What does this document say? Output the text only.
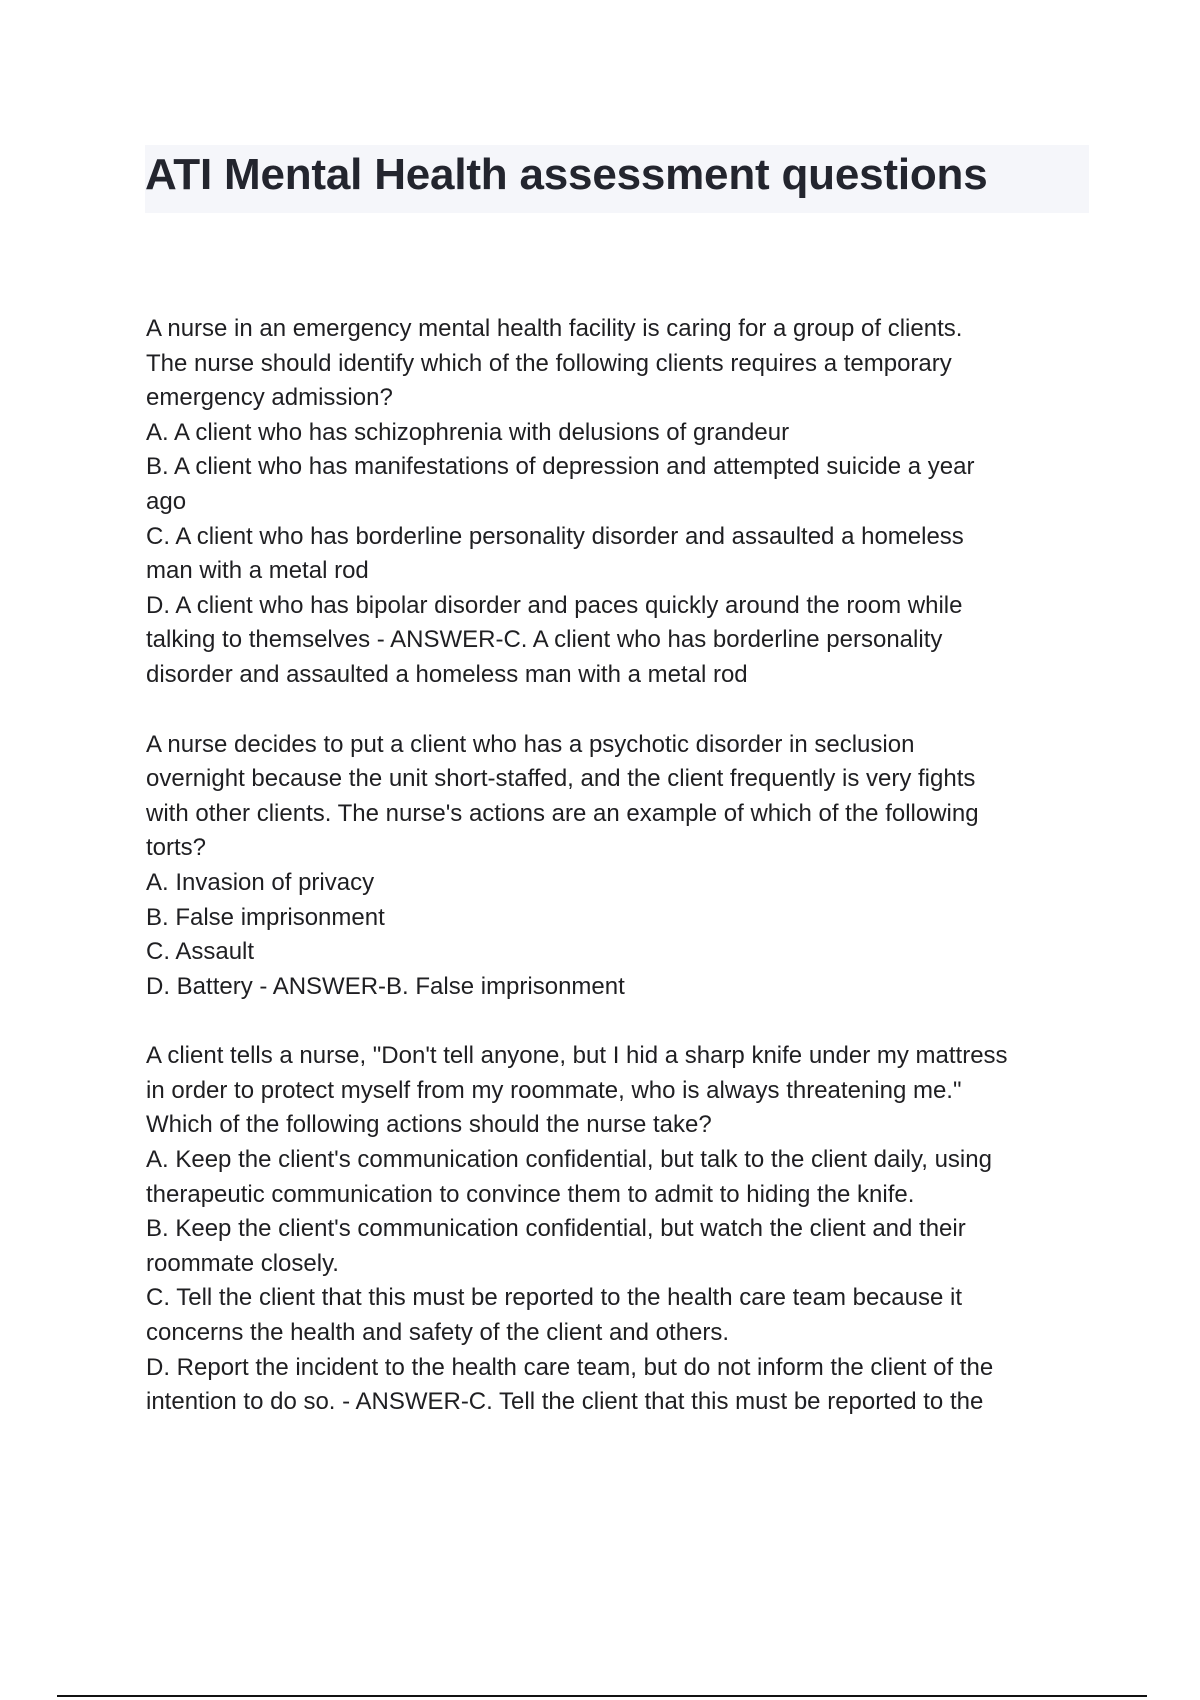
ATI Mental Health assessment questions
A nurse in an emergency mental health facility is caring for a group of clients.
The nurse should identify which of the following clients requires a temporary
emergency admission?
A. A client who has schizophrenia with delusions of grandeur
B. A client who has manifestations of depression and attempted suicide a year
ago
C. A client who has borderline personality disorder and assaulted a homeless
man with a metal rod
D. A client who has bipolar disorder and paces quickly around the room while
talking to themselves - ANSWER-C. A client who has borderline personality
disorder and assaulted a homeless man with a metal rod
A nurse decides to put a client who has a psychotic disorder in seclusion
overnight because the unit short-staffed, and the client frequently is very fights
with other clients. The nurse's actions are an example of which of the following
torts?
A. Invasion of privacy
B. False imprisonment
C. Assault
D. Battery - ANSWER-B. False imprisonment
A client tells a nurse, "Don't tell anyone, but I hid a sharp knife under my mattress
in order to protect myself from my roommate, who is always threatening me."
Which of the following actions should the nurse take?
A. Keep the client's communication confidential, but talk to the client daily, using
therapeutic communication to convince them to admit to hiding the knife.
B. Keep the client's communication confidential, but watch the client and their
roommate closely.
C. Tell the client that this must be reported to the health care team because it
concerns the health and safety of the client and others.
D. Report the incident to the health care team, but do not inform the client of the
intention to do so. - ANSWER-C. Tell the client that this must be reported to the
